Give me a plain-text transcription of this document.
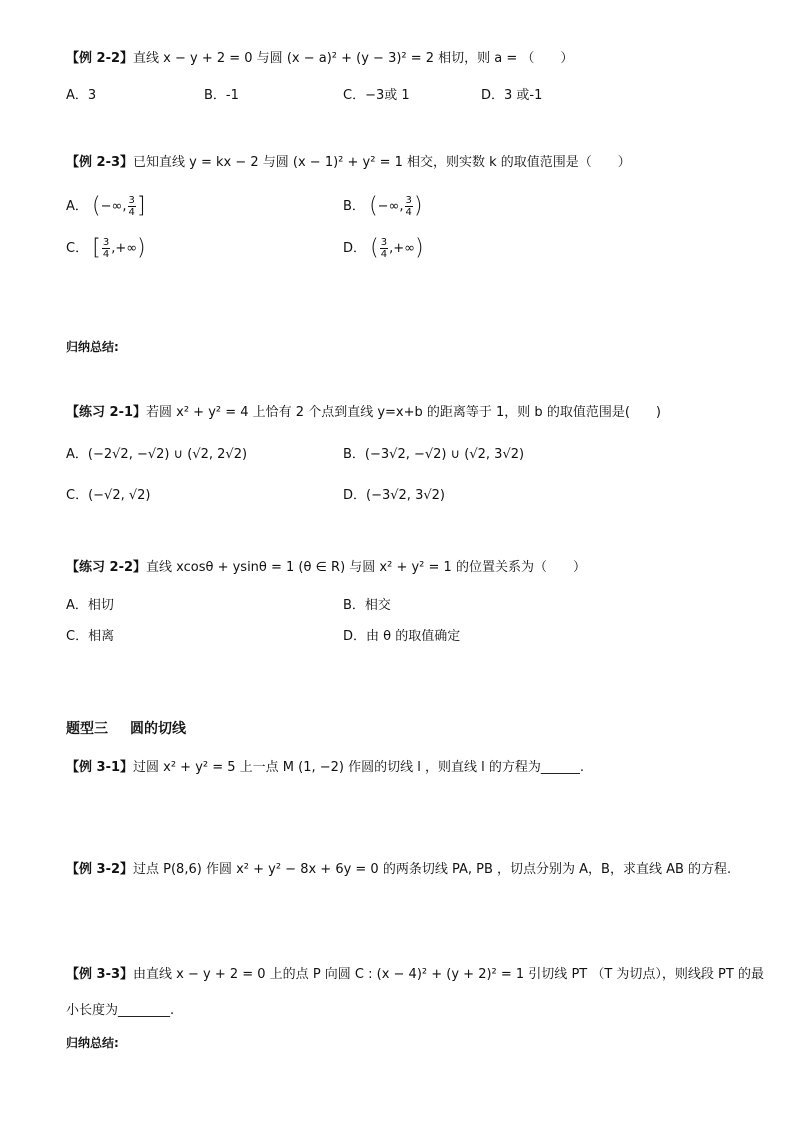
【例 2-2】直线 x − y + 2 = 0 与圆 (x − a)² + (y − 3)² = 2 相切，则 a = （　　）
A．3	B．-1	C．−3或 1	D．3 或-1
【例 2-3】已知直线 y = kx − 2 与圆 (x − 1)² + y² = 1 相交，则实数 k 的取值范围是（　　）
A． (−∞, $\frac{3}{4}$ ]	B． (−∞, $\frac{3}{4}$ )
C． [ $\frac{3}{4}$ ,+∞)	D． ( $\frac{3}{4}$ ,+∞)
归纳总结:
【练习 2-1】若圆 x² + y² = 4 上恰有 2 个点到直线 y=x+b 的距离等于 1，则 b 的取值范围是(　　)
A．(−2√2, −√2) ∪ (√2, 2√2)	B．(−3√2, −√2) ∪ (√2, 3√2)
C．(−√2, √2)	D．(−3√2, 3√2)
【练习 2-2】直线 xcosθ + ysinθ = 1 (θ ∈ R) 与圆 x² + y² = 1 的位置关系为（　　）
A．相切	B．相交
C．相离	D．由 θ 的取值确定
题型三 圆的切线
【例 3-1】过圆 x² + y² = 5 上一点 M (1, −2) 作圆的切线 l ，则直线 l 的方程为______.
【例 3-2】过点 P(8,6) 作圆 x² + y² − 8x + 6y = 0 的两条切线 PA, PB ，切点分别为 A，B，求直线 AB 的方程.
【例 3-3】由直线 x − y + 2 = 0 上的点 P 向圆 C : (x − 4)² + (y + 2)² = 1 引切线 PT （T 为切点），则线段 PT 的最
小长度为________.
归纳总结:
